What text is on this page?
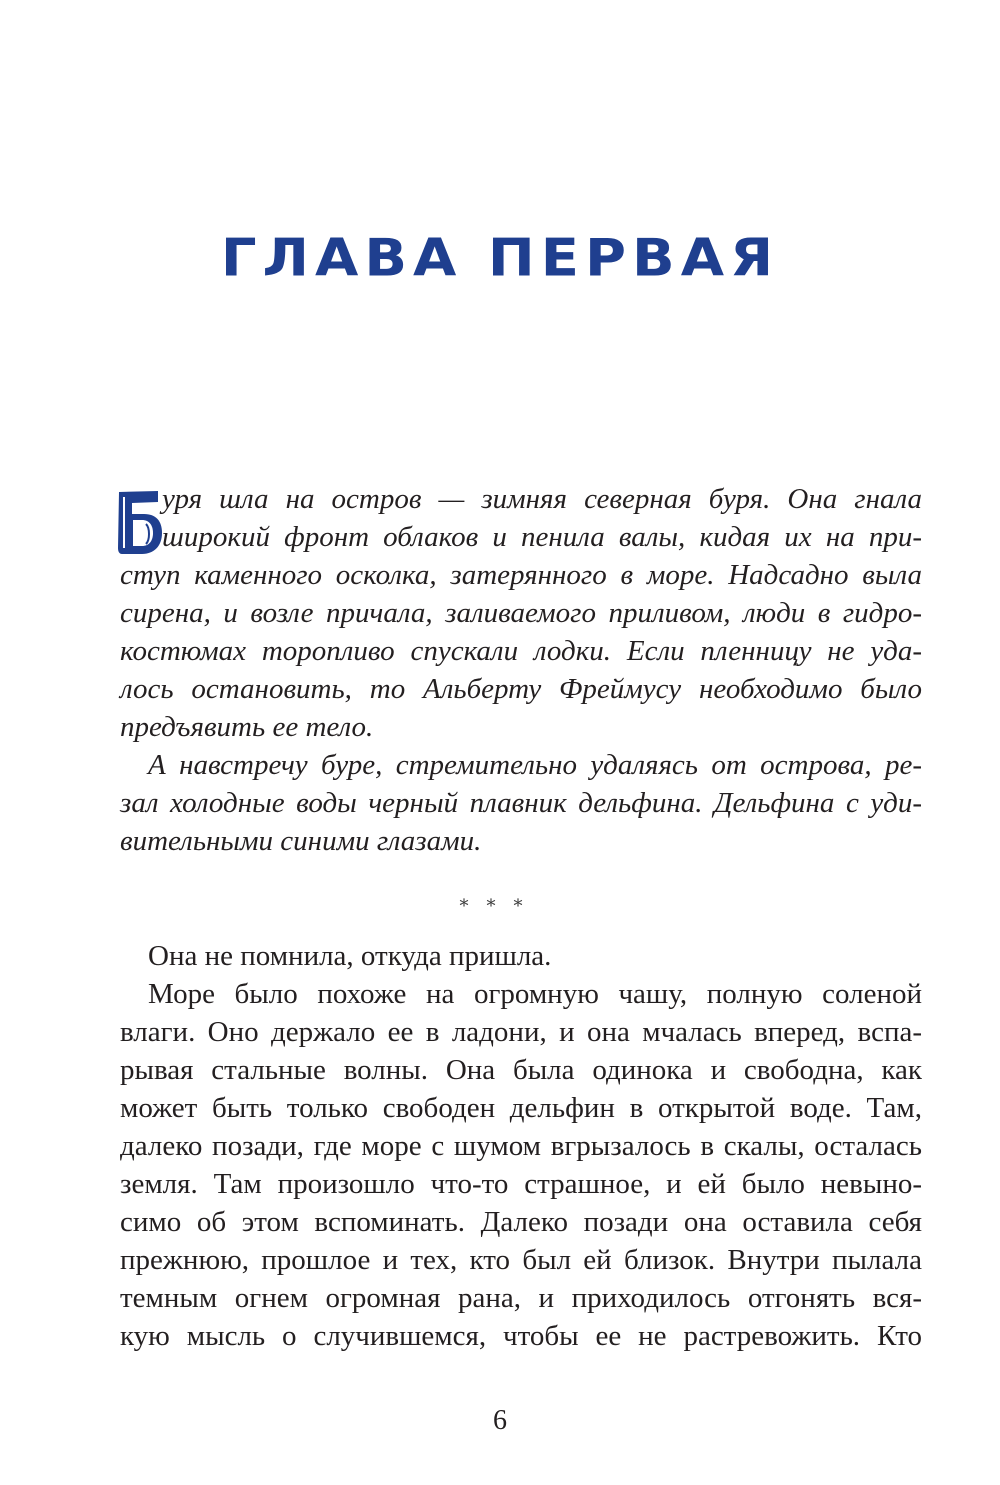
ГЛАВА ПЕРВАЯ
уря шла на остров — зимняя северная буря. Она гнала
широкий фронт облаков и пенила валы, кидая их на при-
ступ каменного осколка, затерянного в море. Надсадно выла
сирена, и возле причала, заливаемого приливом, люди в гидро-
костюмах торопливо спускали лодки. Если пленницу не уда-
лось остановить, то Альберту Фреймусу необходимо было
предъявить ее тело.
А навстречу буре, стремительно удаляясь от острова, ре-
зал холодные воды черный плавник дельфина. Дельфина с уди-
вительными синими глазами.
⁎⁎⁎
Она не помнила, откуда пришла.
Море было похоже на огромную чашу, полную соленой
влаги. Оно держало ее в ладони, и она мчалась вперед, вспа-
рывая стальные волны. Она была одинока и свободна, как
может быть только свободен дельфин в открытой воде. Там,
далеко позади, где море с шумом вгрызалось в скалы, осталась
земля. Там произошло что-то страшное, и ей было невыно-
симо об этом вспоминать. Далеко позади она оставила себя
прежнюю, прошлое и тех, кто был ей близок. Внутри пылала
темным огнем огромная рана, и приходилось отгонять вся-
кую мысль о случившемся, чтобы ее не растревожить. Кто
6
